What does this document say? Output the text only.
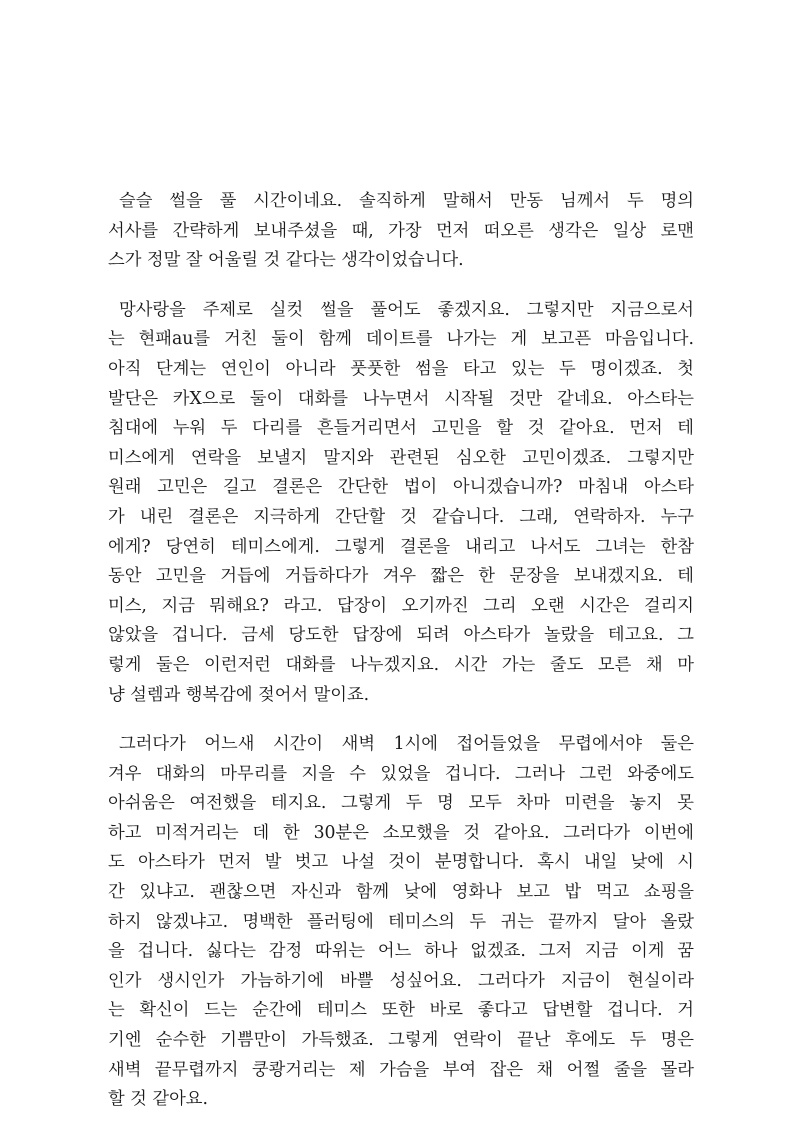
슬슬 썰을 풀 시간이네요. 솔직하게 말해서 만동 님께서 두 명의
서사를 간략하게 보내주셨을 때, 가장 먼저 떠오른 생각은 일상 로맨
스가 정말 잘 어울릴 것 같다는 생각이었습니다.
망사랑을 주제로 실컷 썰을 풀어도 좋겠지요. 그렇지만 지금으로서
는 현패au를 거친 둘이 함께 데이트를 나가는 게 보고픈 마음입니다.
아직 단계는 연인이 아니라 풋풋한 썸을 타고 있는 두 명이겠죠. 첫
발단은 카X으로 둘이 대화를 나누면서 시작될 것만 같네요. 아스타는
침대에 누워 두 다리를 흔들거리면서 고민을 할 것 같아요. 먼저 테
미스에게 연락을 보낼지 말지와 관련된 심오한 고민이겠죠. 그렇지만
원래 고민은 길고 결론은 간단한 법이 아니겠습니까? 마침내 아스타
가 내린 결론은 지극하게 간단할 것 같습니다. 그래, 연락하자. 누구
에게? 당연히 테미스에게. 그렇게 결론을 내리고 나서도 그녀는 한참
동안 고민을 거듭에 거듭하다가 겨우 짧은 한 문장을 보내겠지요. 테
미스, 지금 뭐해요? 라고. 답장이 오기까진 그리 오랜 시간은 걸리지
않았을 겁니다. 금세 당도한 답장에 되려 아스타가 놀랐을 테고요. 그
렇게 둘은 이런저런 대화를 나누겠지요. 시간 가는 줄도 모른 채 마
냥 설렘과 행복감에 젖어서 말이죠.
그러다가 어느새 시간이 새벽 1시에 접어들었을 무렵에서야 둘은
겨우 대화의 마무리를 지을 수 있었을 겁니다. 그러나 그런 와중에도
아쉬움은 여전했을 테지요. 그렇게 두 명 모두 차마 미련을 놓지 못
하고 미적거리는 데 한 30분은 소모했을 것 같아요. 그러다가 이번에
도 아스타가 먼저 발 벗고 나설 것이 분명합니다. 혹시 내일 낮에 시
간 있냐고. 괜찮으면 자신과 함께 낮에 영화나 보고 밥 먹고 쇼핑을
하지 않겠냐고. 명백한 플러팅에 테미스의 두 귀는 끝까지 달아 올랐
을 겁니다. 싫다는 감정 따위는 어느 하나 없겠죠. 그저 지금 이게 꿈
인가 생시인가 가늠하기에 바쁠 성싶어요. 그러다가 지금이 현실이라
는 확신이 드는 순간에 테미스 또한 바로 좋다고 답변할 겁니다. 거
기엔 순수한 기쁨만이 가득했죠. 그렇게 연락이 끝난 후에도 두 명은
새벽 끝무렵까지 쿵쾅거리는 제 가슴을 부여 잡은 채 어쩔 줄을 몰라
할 것 같아요.
